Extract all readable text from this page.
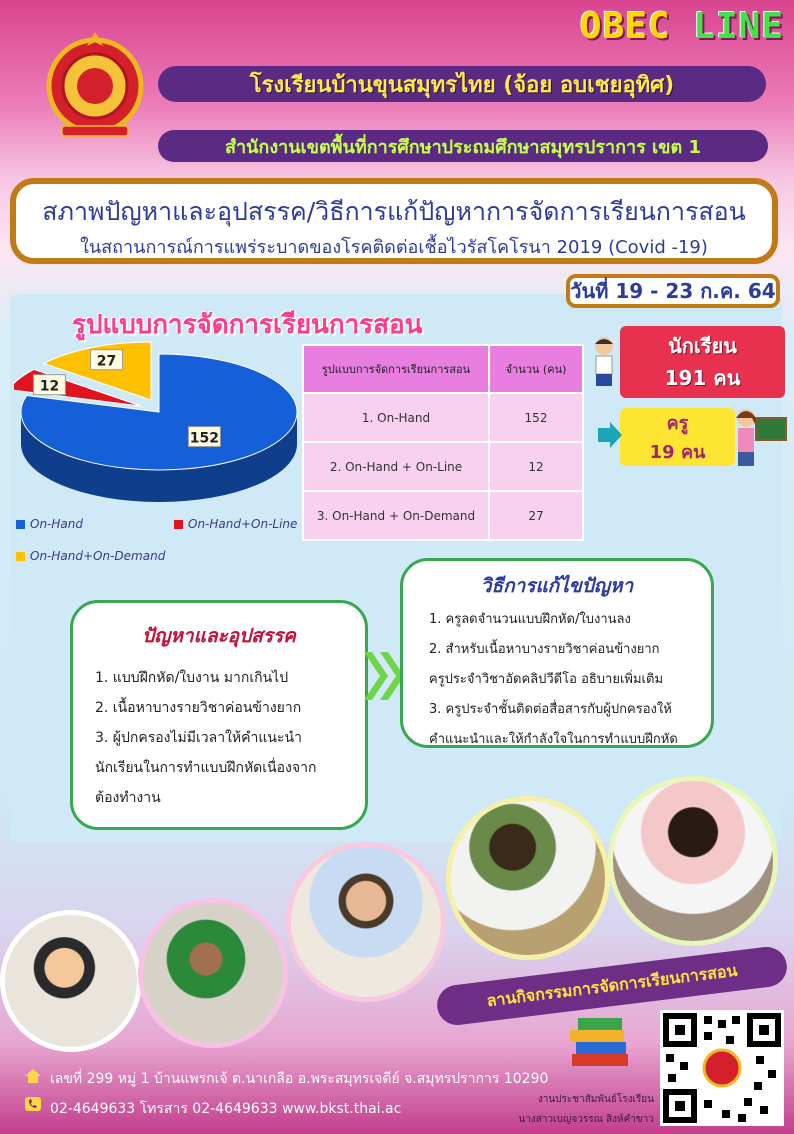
OBEC LINE
โรงเรียนบ้านขุนสมุทรไทย (จ้อย อบเชยอุทิศ)
สำนักงานเขตพื้นที่การศึกษาประถมศึกษาสมุทรปราการ เขต 1
สภาพปัญหาและอุปสรรค/วิธีการแก้ปัญหาการจัดการเรียนการสอน
ในสถานการณ์การแพร่ระบาดของโรคติดต่อเชื้อไวรัสโคโรนา 2019 (Covid -19)
วันที่ 19 - 23 ก.ค. 64
รูปแบบการจัดการเรียนการสอน
152
12
27
On-Hand	On-Hand+On-Line
On-Hand+On-Demand
รูปแบบการจัดการเรียนการสอน	จำนวน (คน)
1. On-Hand	152
2. On-Hand + On-Line	12
3. On-Hand + On-Demand	27
นักเรียน
191 คน
ครู
19 คน
ปัญหาและอุปสรรค
1. แบบฝึกหัด/ใบงาน มากเกินไป
2. เนื้อหาบางรายวิชาค่อนข้างยาก
3. ผู้ปกครองไม่มีเวลาให้คำแนะนำ
นักเรียนในการทำแบบฝึกหัดเนื่องจาก
ต้องทำงาน
วิธีการแก้ไขปัญหา
1. ครูลดจำนวนแบบฝึกหัด/ใบงานลง
2. สำหรับเนื้อหาบางรายวิชาค่อนข้างยาก
ครูประจำวิชาอัดคลิปวีดีโอ อธิบายเพิ่มเติม
3. ครูประจำชั้นติดต่อสื่อสารกับผู้ปกครองให้
คำแนะนำและให้กำลังใจในการทำแบบฝึกหัด
ลานกิจกรรมการจัดการเรียนการสอน
เลขที่ 299 หมู่ 1 บ้านแพรกเจ้ ต.นาเกลือ อ.พระสมุทรเจดีย์ จ.สมุทรปราการ 10290
02-4649633 โทรสาร 02-4649633 www.bkst.thai.ac
งานประชาสัมพันธ์โรงเรียน
นางสาวเบญจวรรณ สิงห์คำขาว
